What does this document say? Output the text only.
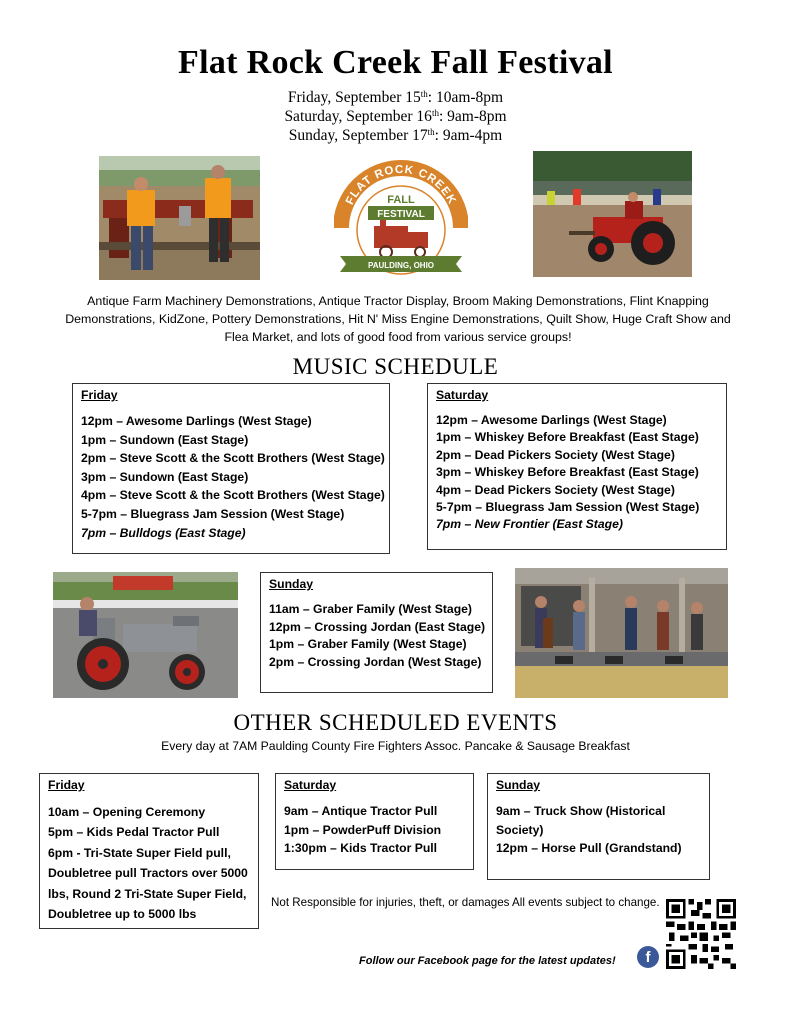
Flat Rock Creek Fall Festival
Friday, September 15th: 10am-8pm
Saturday, September 16th: 9am-8pm
Sunday, September 17th: 9am-4pm
FLAT ROCK CREEK
FALL
FESTIVAL
PAULDING, OHIO
Antique Farm Machinery Demonstrations, Antique Tractor Display, Broom Making Demonstrations, Flint Knapping Demonstrations, KidZone, Pottery Demonstrations, Hit N' Miss Engine Demonstrations, Quilt Show, Huge Craft Show and Flea Market, and lots of good food from various service groups!
MUSIC SCHEDULE
Friday
12pm – Awesome Darlings (West Stage)
1pm – Sundown (East Stage)
2pm – Steve Scott & the Scott Brothers (West Stage)
3pm – Sundown (East Stage)
4pm – Steve Scott & the Scott Brothers (West Stage)
5-7pm – Bluegrass Jam Session (West Stage)
7pm – Bulldogs (East Stage)
Saturday
12pm – Awesome Darlings (West Stage)
1pm – Whiskey Before Breakfast (East Stage)
2pm – Dead Pickers Society (West Stage)
3pm – Whiskey Before Breakfast (East Stage)
4pm – Dead Pickers Society (West Stage)
5-7pm – Bluegrass Jam Session (West Stage)
7pm – New Frontier (East Stage)
Sunday
11am – Graber Family (West Stage)
12pm – Crossing Jordan (East Stage)
1pm – Graber Family (West Stage)
2pm – Crossing Jordan (West Stage)
OTHER SCHEDULED EVENTS
Every day at 7AM Paulding County Fire Fighters Assoc. Pancake & Sausage Breakfast
Friday
10am – Opening Ceremony
5pm – Kids Pedal Tractor Pull
6pm - Tri-State Super Field pull, Doubletree pull Tractors over 5000 lbs, Round 2 Tri-State Super Field, Doubletree up to 5000 lbs
Saturday
9am – Antique Tractor Pull
1pm – PowderPuff Division
1:30pm – Kids Tractor Pull
Sunday
9am – Truck Show (Historical Society)
12pm – Horse Pull (Grandstand)
Not Responsible for injuries, theft, or damages All events subject to change.
Follow our Facebook page for the latest updates!	f
